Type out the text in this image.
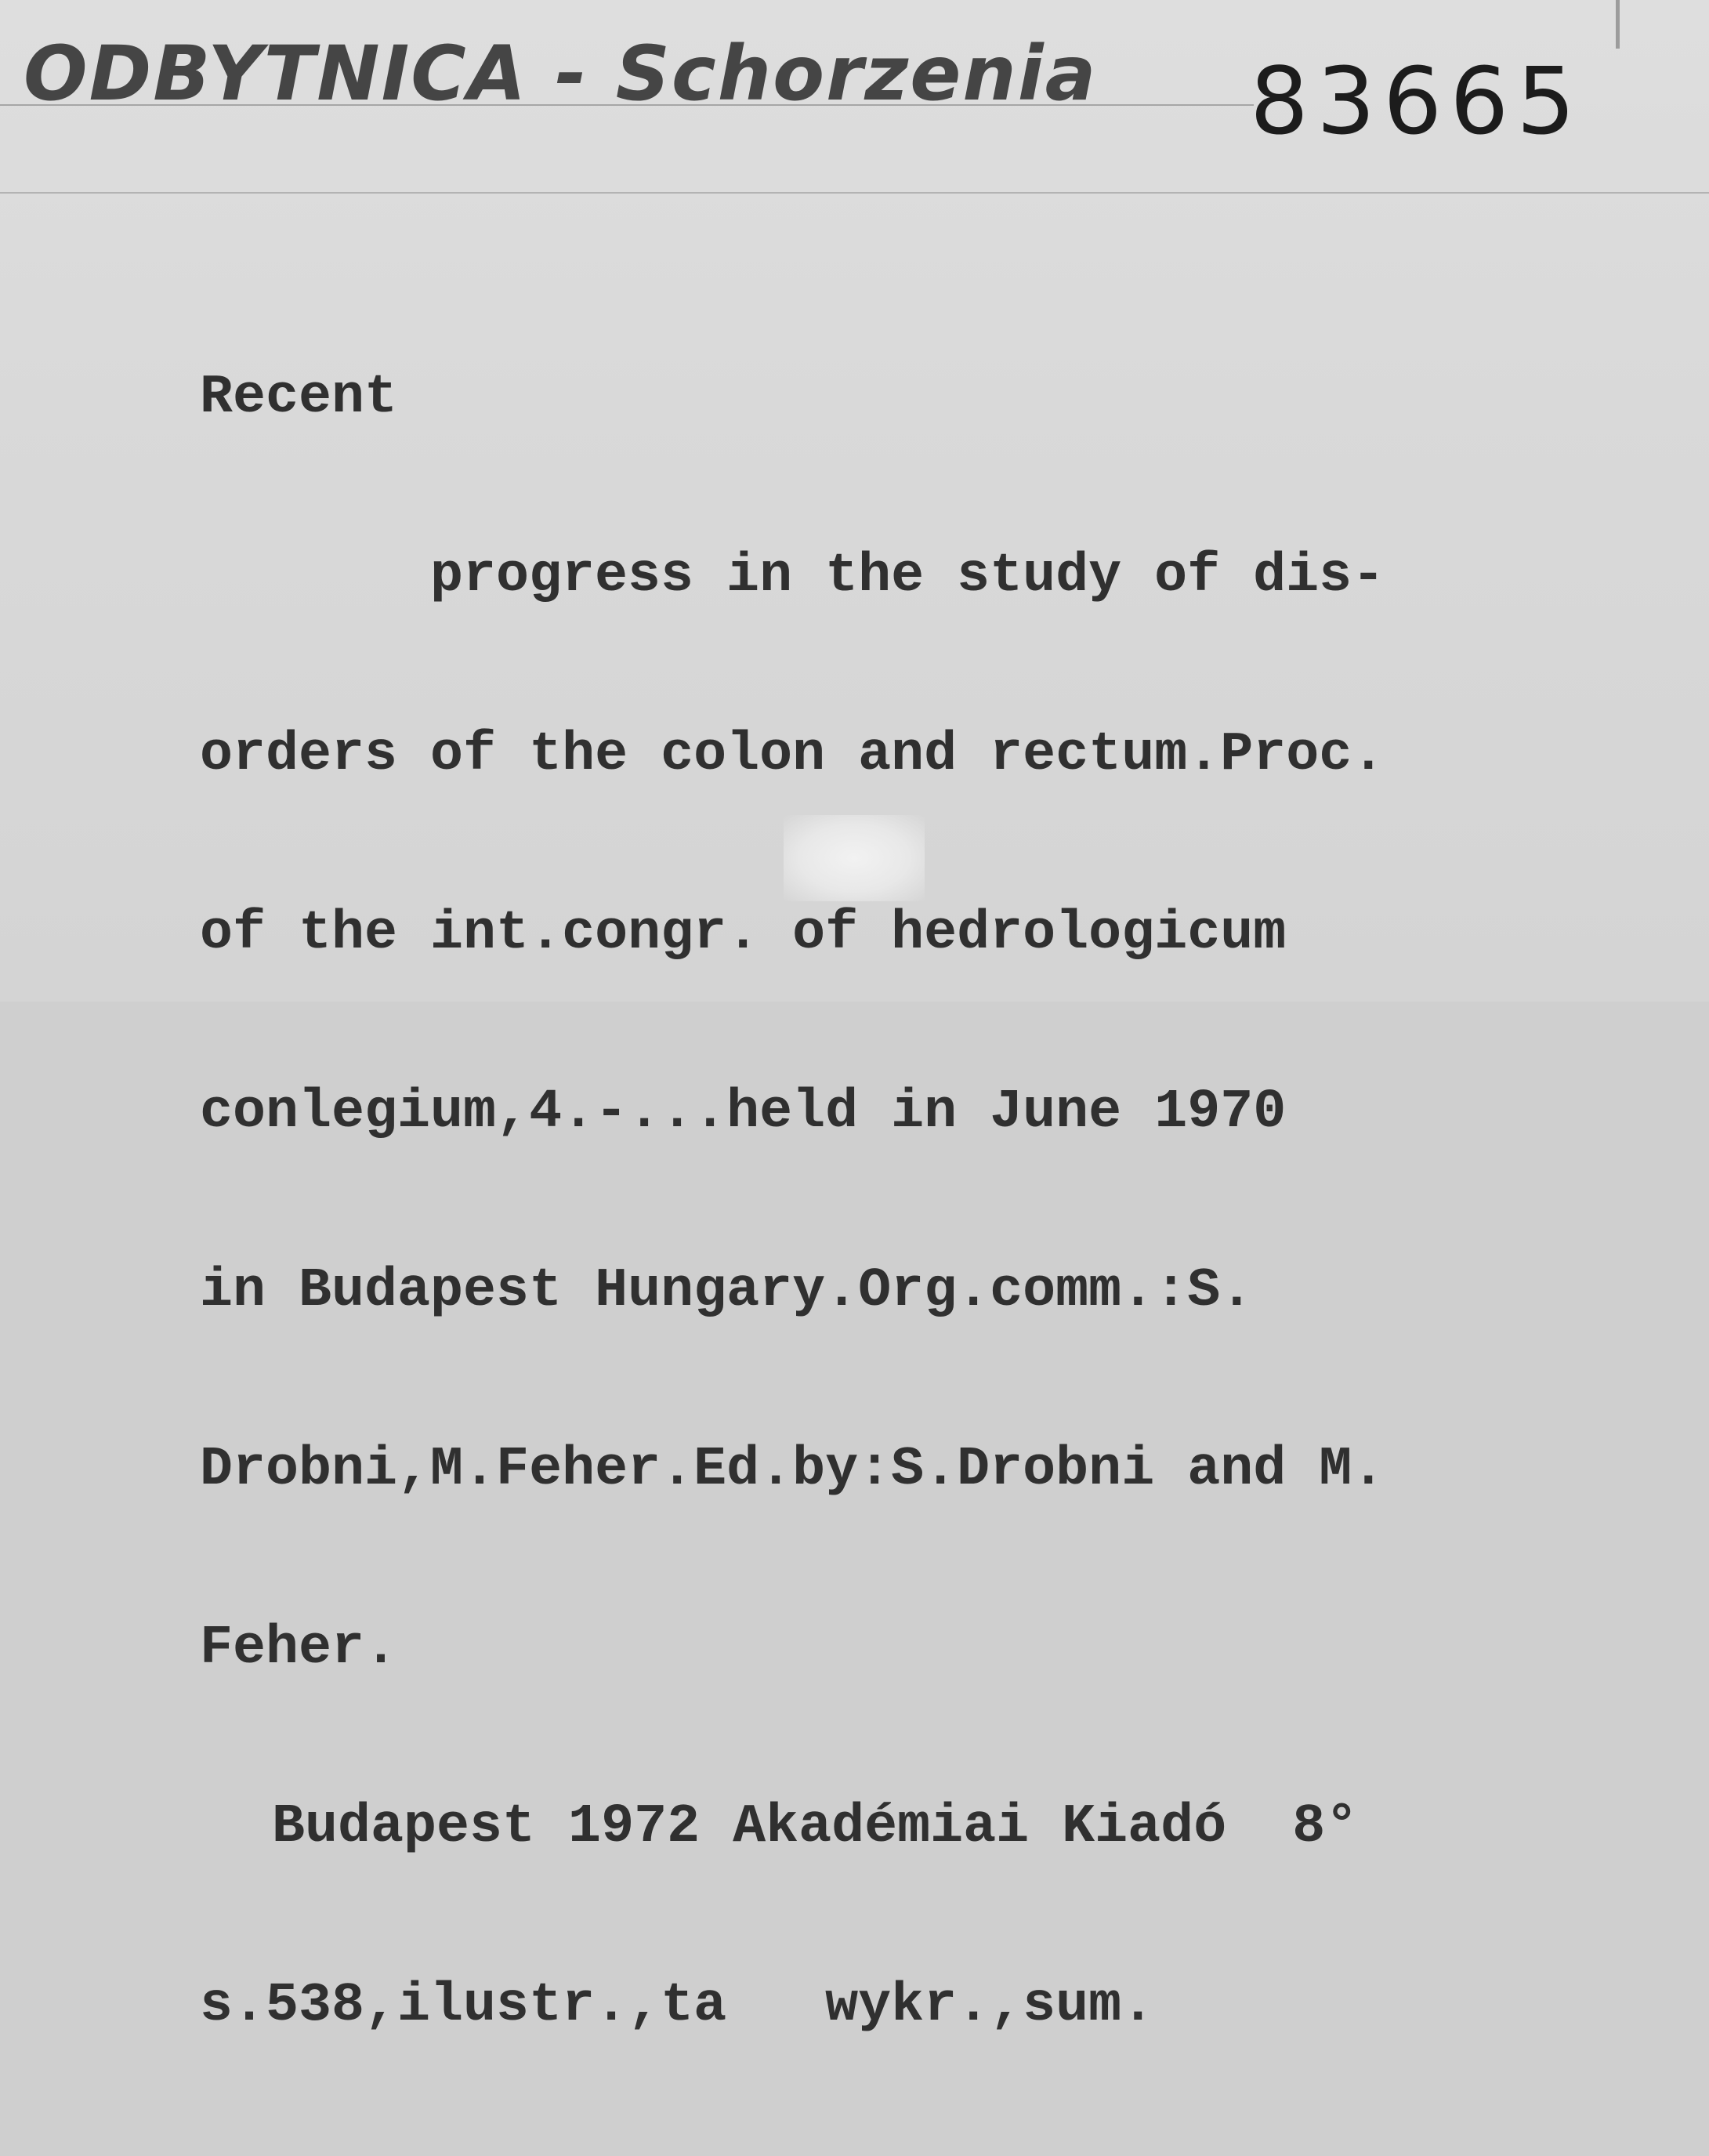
ODBYTNICA - Schorzenia 83665

Recent

progress in the study of dis-

orders of the colon and rectum.Proc.

of the int.congr. of hedrologicum

conlegium,4.-...held in June 1970

in Budapest Hungary.Org.comm.:S.

Drobni,M.Feher.Ed.by:S.Drobni and M.

Feher.

Budapest 1972 Akadémiai Kiadó  8°

s.538,ilustr.,ta   wykr.,sum.
